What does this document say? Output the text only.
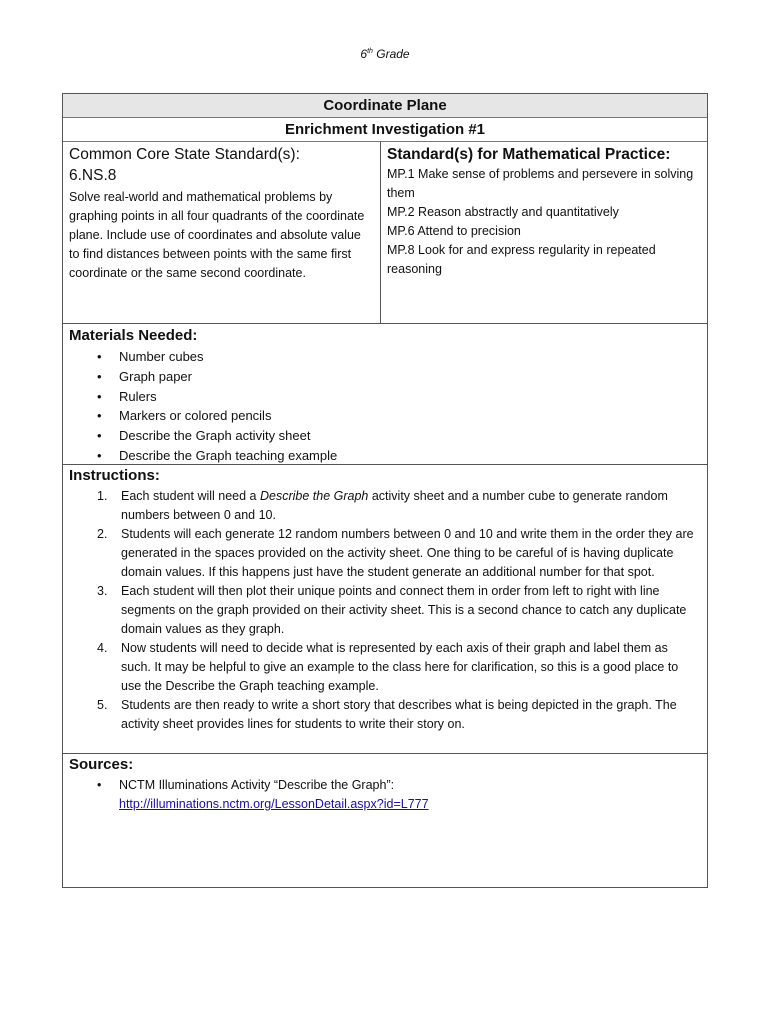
6th Grade
Coordinate Plane
Enrichment Investigation #1
Common Core State Standard(s):
6.NS.8
Solve real-world and mathematical problems by graphing points in all four quadrants of the coordinate plane. Include use of coordinates and absolute value to find distances between points with the same first coordinate or the same second coordinate.
Standard(s) for Mathematical Practice:
MP.1 Make sense of problems and persevere in solving them
MP.2 Reason abstractly and quantitatively
MP.6 Attend to precision
MP.8 Look for and express regularity in repeated reasoning
Materials Needed:
• Number cubes
• Graph paper
• Rulers
• Markers or colored pencils
• Describe the Graph activity sheet
• Describe the Graph teaching example
Instructions:
1. Each student will need a Describe the Graph activity sheet and a number cube to generate random numbers between 0 and 10.
2. Students will each generate 12 random numbers between 0 and 10 and write them in the order they are generated in the spaces provided on the activity sheet. One thing to be careful of is having duplicate domain values. If this happens just have the student generate an additional number for that spot.
3. Each student will then plot their unique points and connect them in order from left to right with line segments on the graph provided on their activity sheet. This is a second chance to catch any duplicate domain values as they graph.
4. Now students will need to decide what is represented by each axis of their graph and label them as such. It may be helpful to give an example to the class here for clarification, so this is a good place to use the Describe the Graph teaching example.
5. Students are then ready to write a short story that describes what is being depicted in the graph. The activity sheet provides lines for students to write their story on.
Sources:
• NCTM Illuminations Activity “Describe the Graph”:
http://illuminations.nctm.org/LessonDetail.aspx?id=L777
